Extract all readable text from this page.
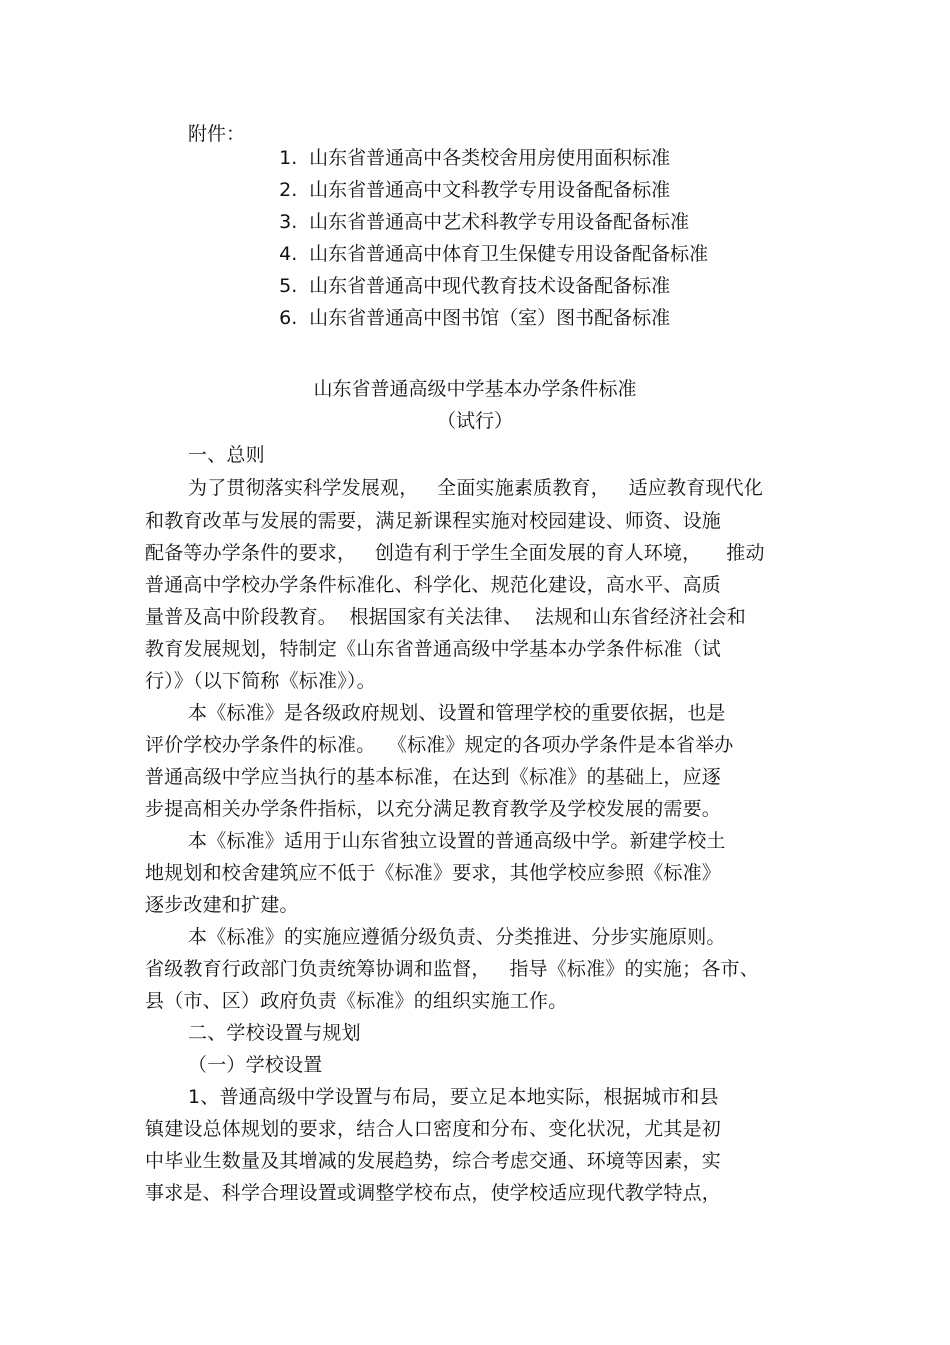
附件：

1. 山东省普通高中各类校舍用房使用面积标准

2. 山东省普通高中文科教学专用设备配备标准

3. 山东省普通高中艺术科教学专用设备配备标准

4. 山东省普通高中体育卫生保健专用设备配备标准

5. 山东省普通高中现代教育技术设备配备标准

6. 山东省普通高中图书馆（室）图书配备标准

山东省普通高级中学基本办学条件标准
（试行）
一、总则
为了贯彻落实科学发展观，   全面实施素质教育，   适应教育现代化
和教育改革与发展的需要，满足新课程实施对校园建设、师资、设施
配备等办学条件的要求，   创造有利于学生全面发展的育人环境，    推动
普通高中学校办学条件标准化、科学化、规范化建设，高水平、高质
量普及高中阶段教育。  根据国家有关法律、  法规和山东省经济社会和
教育发展规划，特制定《山东省普通高级中学基本办学条件标准（试
行）》（以下简称《标准》）。
本《标准》是各级政府规划、设置和管理学校的重要依据，也是
评价学校办学条件的标准。  《标准》规定的各项办学条件是本省举办
普通高级中学应当执行的基本标准，在达到《标准》的基础上，应逐
步提高相关办学条件指标，以充分满足教育教学及学校发展的需要。
本《标准》适用于山东省独立设置的普通高级中学。新建学校土
地规划和校舍建筑应不低于《标准》要求，其他学校应参照《标准》
逐步改建和扩建。
本《标准》的实施应遵循分级负责、分类推进、分步实施原则。
省级教育行政部门负责统筹协调和监督，   指导《标准》的实施；各市、
县（市、区）政府负责《标准》的组织实施工作。
二、学校设置与规划
（一）学校设置
1、普通高级中学设置与布局，要立足本地实际，根据城市和县
镇建设总体规划的要求，结合人口密度和分布、变化状况，尤其是初
中毕业生数量及其增减的发展趋势，综合考虑交通、环境等因素，实
事求是、科学合理设置或调整学校布点，使学校适应现代教学特点，
